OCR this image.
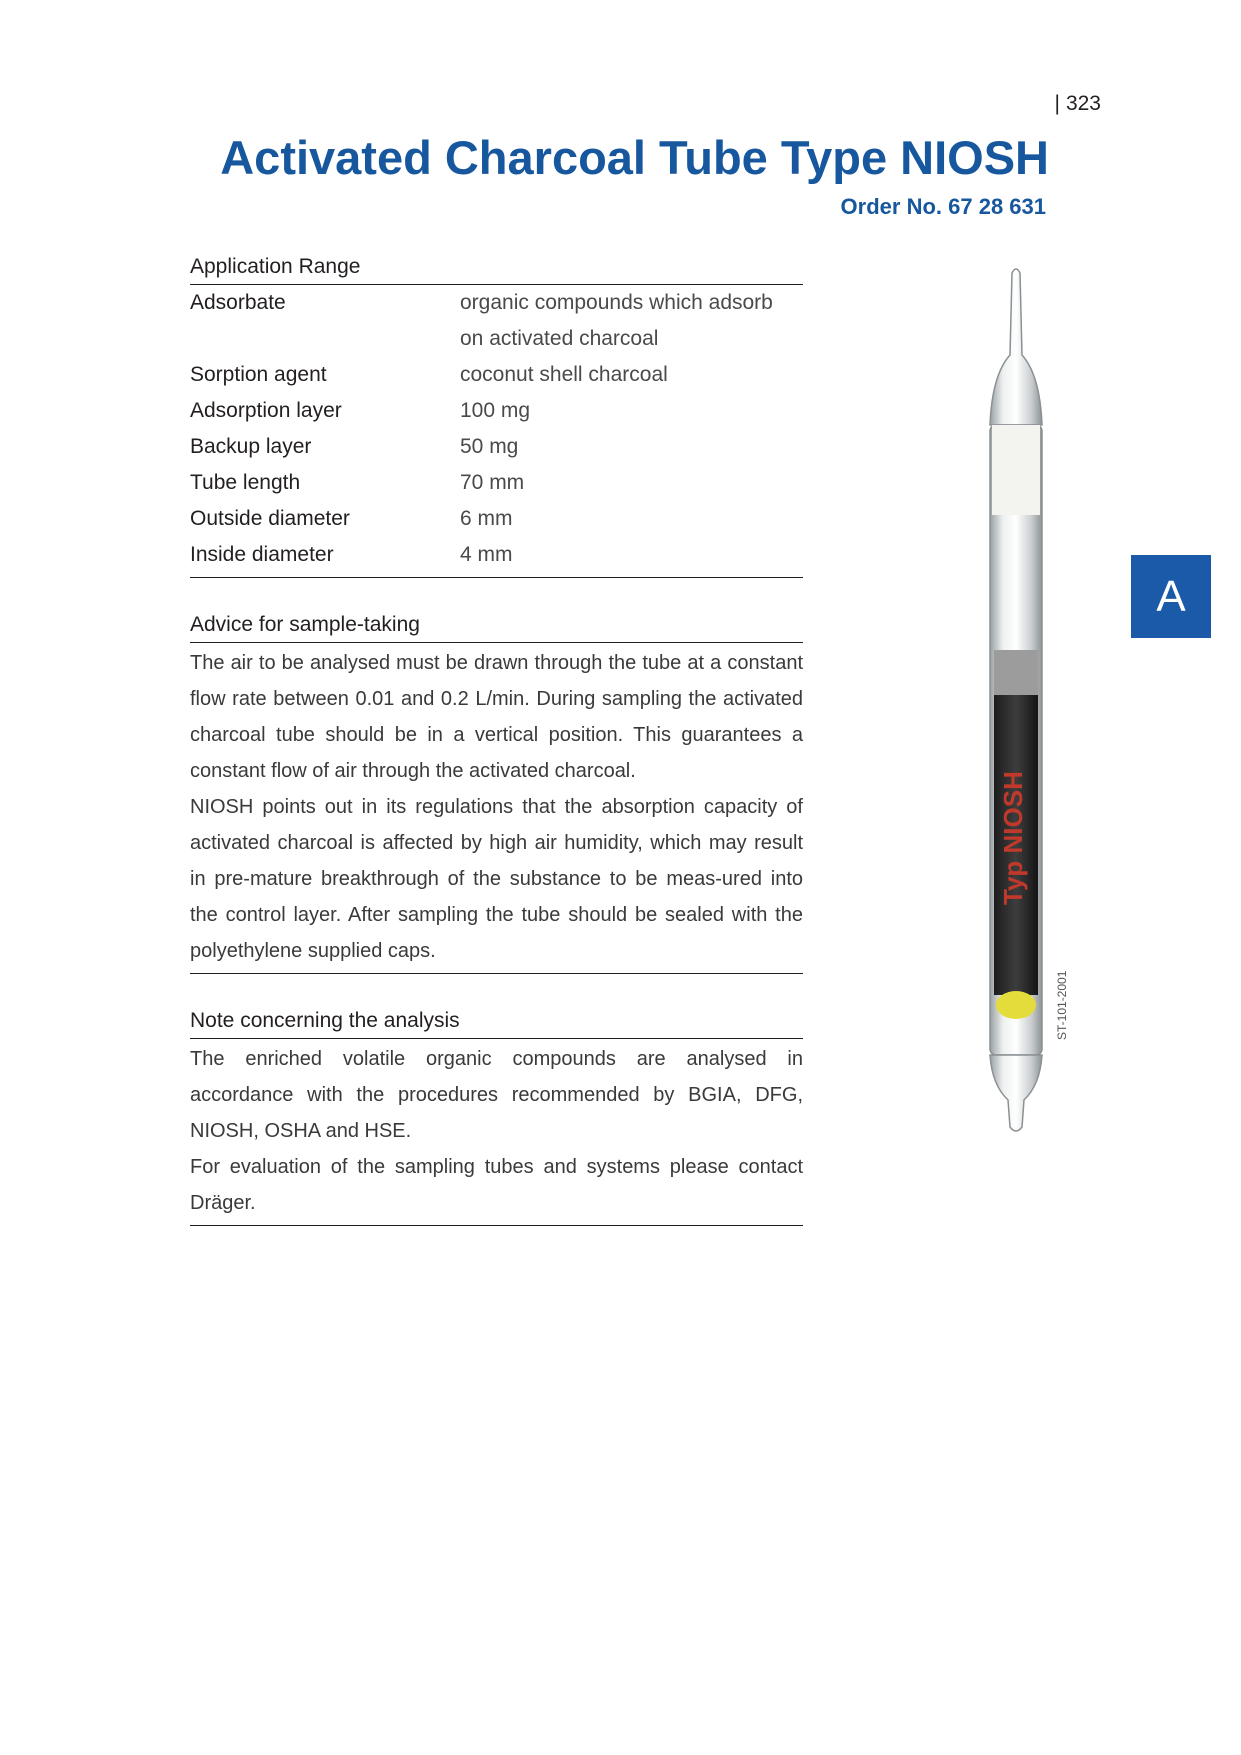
| 323
Activated Charcoal Tube Type NIOSH
Order No. 67 28 631
Application Range
Adsorbate	organic compounds which adsorb
on activated charcoal

Sorption agent	coconut shell charcoal
Adsorption layer	100 mg
Backup layer	50 mg
Tube length	70 mm
Outside diameter	6 mm
Inside diameter	4 mm
Advice for sample-taking

The air to be analysed must be drawn through the tube at a constant flow rate between 0.01 and 0.2 L/min. During sampling the activated charcoal tube should be in a vertical position. This guarantees a constant flow of air through the activated charcoal.

NIOSH points out in its regulations that the absorption capacity of activated charcoal is affected by high air humidity, which may result in pre-mature breakthrough of the substance to be meas-ured into the control layer. After sampling the tube should be sealed with the polyethylene supplied caps.

Note concerning the analysis

The enriched volatile organic compounds are analysed in accordance with the procedures recommended by BGIA, DFG, NIOSH, OSHA and HSE.

For evaluation of the sampling tubes and systems please contact Dräger.

A
Typ NIOSH
ST-101-2001
